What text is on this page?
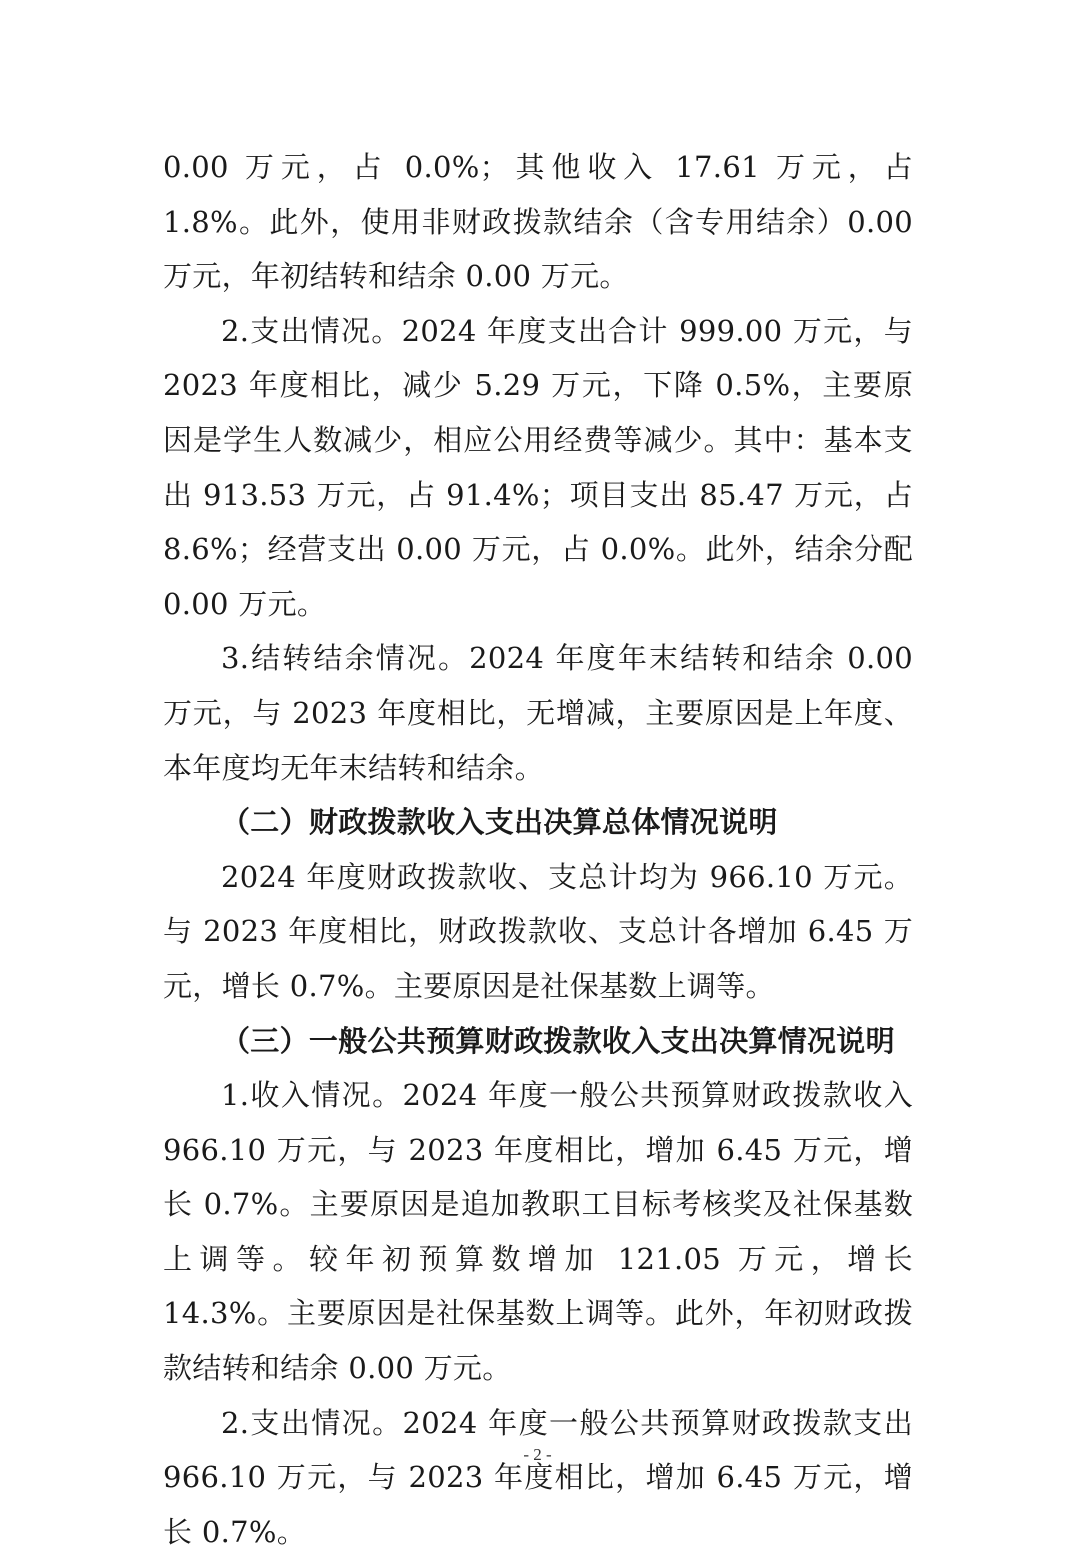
0.00 万元，占 0.0%；其他收入 17.61 万元，占 1.8%。此外，使用非财政拨款结余（含专用结余）0.00 万元，年初结转和结余 0.00 万元。

2.支出情况。2024 年度支出合计 999.00 万元，与 2023 年度相比，减少 5.29 万元，下降 0.5%，主要原因是学生人数减少，相应公用经费等减少。其中：基本支出 913.53 万元，占 91.4%；项目支出 85.47 万元，占 8.6%；经营支出 0.00 万元，占 0.0%。此外，结余分配 0.00 万元。

3.结转结余情况。2024 年度年末结转和结余 0.00 万元，与 2023 年度相比，无增减，主要原因是上年度、本年度均无年末结转和结余。

（二）财政拨款收入支出决算总体情况说明

2024 年度财政拨款收、支总计均为 966.10 万元。与 2023 年度相比，财政拨款收、支总计各增加 6.45 万元，增长 0.7%。主要原因是社保基数上调等。

（三）一般公共预算财政拨款收入支出决算情况说明

1.收入情况。2024 年度一般公共预算财政拨款收入 966.10 万元，与 2023 年度相比，增加 6.45 万元，增长 0.7%。主要原因是追加教职工目标考核奖及社保基数上调等。较年初预算数增加 121.05 万元，增长 14.3%。主要原因是社保基数上调等。此外，年初财政拨款结转和结余 0.00 万元。

2.支出情况。2024 年度一般公共预算财政拨款支出 966.10 万元，与 2023 年度相比，增加 6.45 万元，增长 0.7%。

- 2 -
